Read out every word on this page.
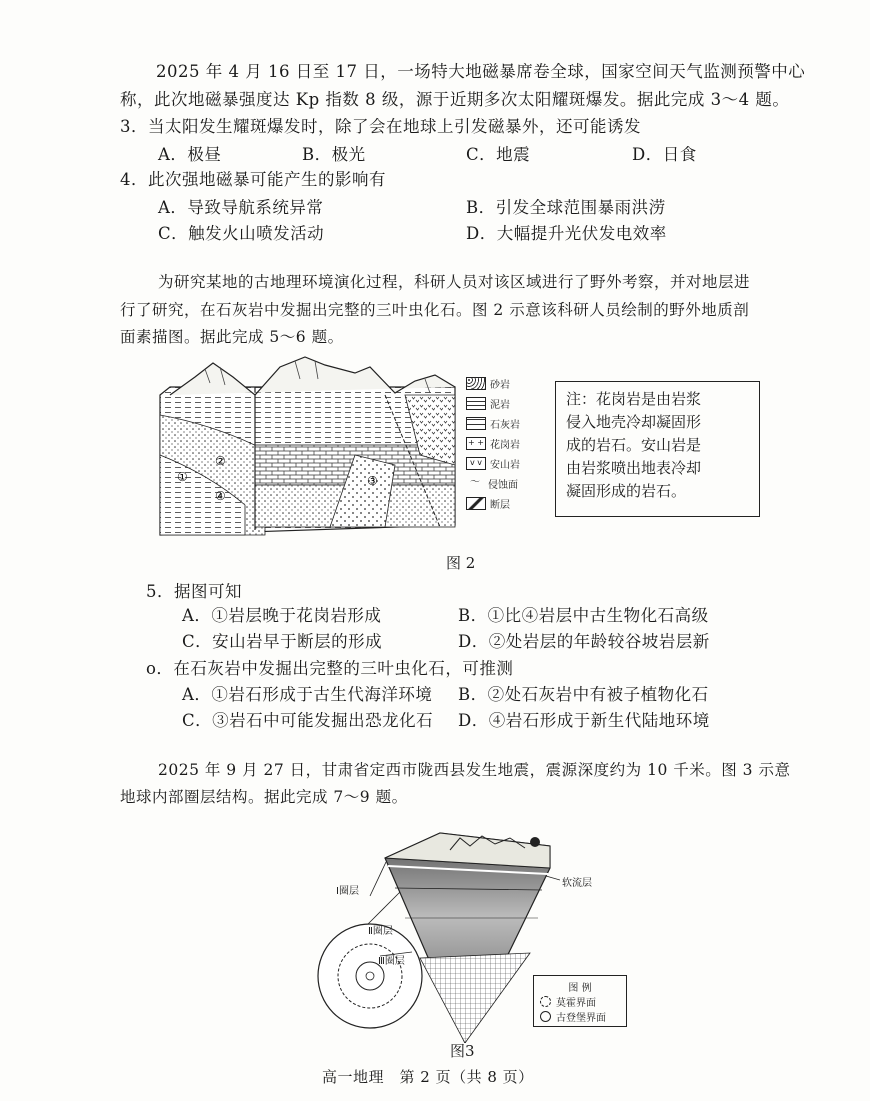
2025 年 4 月 16 日至 17 日，一场特大地磁暴席卷全球，国家空间天气监测预警中心
称，此次地磁暴强度达 Kp 指数 8 级，源于近期多次太阳耀斑爆发。据此完成 3～4 题。
3．当太阳发生耀斑爆发时，除了会在地球上引发磁暴外，还可能诱发
A．极昼	B．极光	C．地震	D．日食
4．此次强地磁暴可能产生的影响有
A．导致导航系统异常	B．引发全球范围暴雨洪涝
C．触发火山喷发活动	D．大幅提升光伏发电效率
为研究某地的古地理环境演化过程，科研人员对该区域进行了野外考察，并对地层进
行了研究，在石灰岩中发掘出完整的三叶虫化石。图 2 示意该科研人员绘制的野外地质剖
面素描图。据此完成 5～6 题。
①
②
③
④
砂岩
泥岩
石灰岩
+ + 花岗岩
v v 安山岩
～ 侵蚀面
断层
注：花岗岩是由岩浆
侵入地壳冷却凝固形
成的岩石。安山岩是
由岩浆喷出地表冷却
凝固形成的岩石。
图 2
5．据图可知
A．①岩层晚于花岗岩形成	B．①比④岩层中古生物化石高级
C．安山岩早于断层的形成	D．②处岩层的年龄较谷坡岩层新
o．在石灰岩中发掘出完整的三叶虫化石，可推测
A．①岩石形成于古生代海洋环境 B．②处石灰岩中有被子植物化石
C．③岩石中可能发掘出恐龙化石 D．④岩石形成于新生代陆地环境
2025 年 9 月 27 日，甘肃省定西市陇西县发生地震，震源深度约为 10 千米。图 3 示意
地球内部圈层结构。据此完成 7～9 题。
Ⅰ圈层
Ⅱ圈层
Ⅲ圈层
软流层
图 例
莫霍界面
古登堡界面
图3
高一地理　第 2 页（共 8 页）
